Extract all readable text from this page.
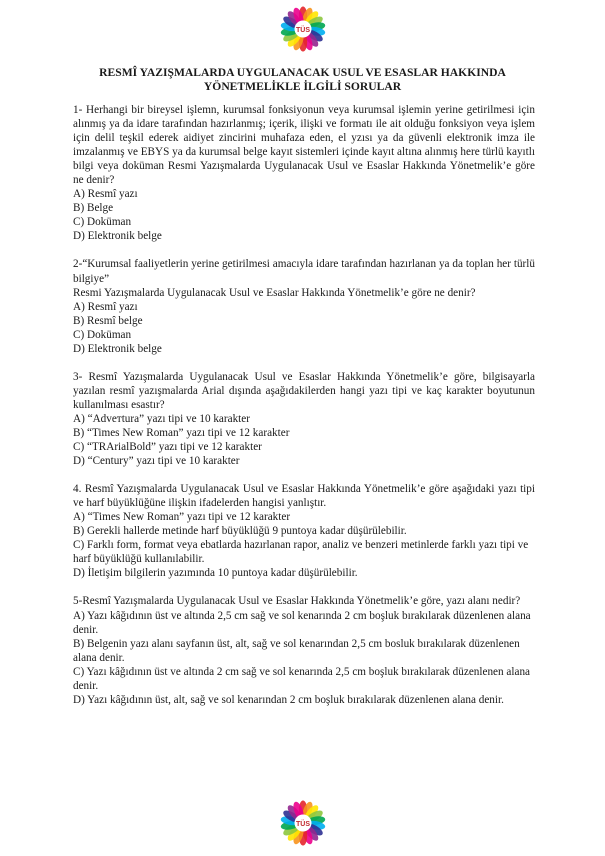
TÜS
RESMÎ YAZIŞMALARDA UYGULANACAK USUL VE ESASLAR HAKKINDA
YÖNETMELİKLE İLGİLİ SORULAR
1- Herhangi bir bireysel işlemn, kurumsal fonksiyonun veya kurumsal işlemin yerine getirilmesi için alınmış ya da idare tarafından hazırlanmış; içerik, ilişki ve formatı ile ait olduğu fonksiyon veya işlem için delil teşkil ederek aidiyet zincirini muhafaza eden, el yzısı ya da güvenli elektronik imza ile imzalanmış ve EBYS ya da kurumsal belge kayıt sistemleri içinde kayıt altına alınmış here türlü kayıtlı bilgi veya doküman Resmi Yazışmalarda Uygulanacak Usul ve Esaslar Hakkında Yönetmelik’e göre ne denir?
A) Resmî yazı
B) Belge
C) Doküman
D) Elektronik belge
2-“Kurumsal faaliyetlerin yerine getirilmesi amacıyla idare tarafından hazırlanan ya da toplan her türlü bilgiye”
Resmi Yazışmalarda Uygulanacak Usul ve Esaslar Hakkında Yönetmelik’e göre ne denir?
A) Resmî yazı
B) Resmî belge
C) Doküman
D) Elektronik belge
3- Resmî Yazışmalarda Uygulanacak Usul ve Esaslar Hakkında Yönetmelik’e göre, bilgisayarla yazılan resmî yazışmalarda Arial dışında aşağıdakilerden hangi yazı tipi ve kaç karakter boyutunun kullanılması esastır?
A) “Adveтtura” yazı tipi ve 10 karakter
B) “Times New Roman” yazı tipi ve 12 karakter
C) “TRArialBold” yazı tipi ve 12 karakter
D) “Century” yazı tipi ve 10 karakter
4. Resmî Yazışmalarda Uygulanacak Usul ve Esaslar Hakkında Yönetmelik’e göre aşağıdaki yazı tipi ve harf büyüklüğüne ilişkin ifadelerden hangisi yanlıştır.
A) “Times New Roman” yazı tipi ve 12 karakter
B) Gerekli hallerde metinde harf büyüklüğü 9 puntoya kadar düşürülebilir.
C) Farklı form, format veya ebatlarda hazırlanan rapor, analiz ve benzeri metinlerde farklı yazı tipi ve harf büyüklüğü kullanılabilir.
D) İletişim bilgilerin yazımında 10 puntoya kadar düşürülebilir.
5-Resmî Yazışmalarda Uygulanacak Usul ve Esaslar Hakkında Yönetmelik’e göre, yazı alanı nedir?
A) Yazı kâğıdının üst ve altında 2,5 cm sağ ve sol kenarında 2 cm boşluk bırakılarak düzenlenen alana denir.
B) Belgenin yazı alanı sayfanın üst, alt, sağ ve sol kenarından 2,5 cm bosluk bırakılarak düzenlenen alana denir.
C) Yazı kâğıdının üst ve altında 2 cm sağ ve sol kenarında 2,5 cm boşluk bırakılarak düzenlenen alana denir.
D) Yazı kâğıdının üst, alt, sağ ve sol kenarından 2 cm boşluk bırakılarak düzenlenen alana denir.
TÜS
